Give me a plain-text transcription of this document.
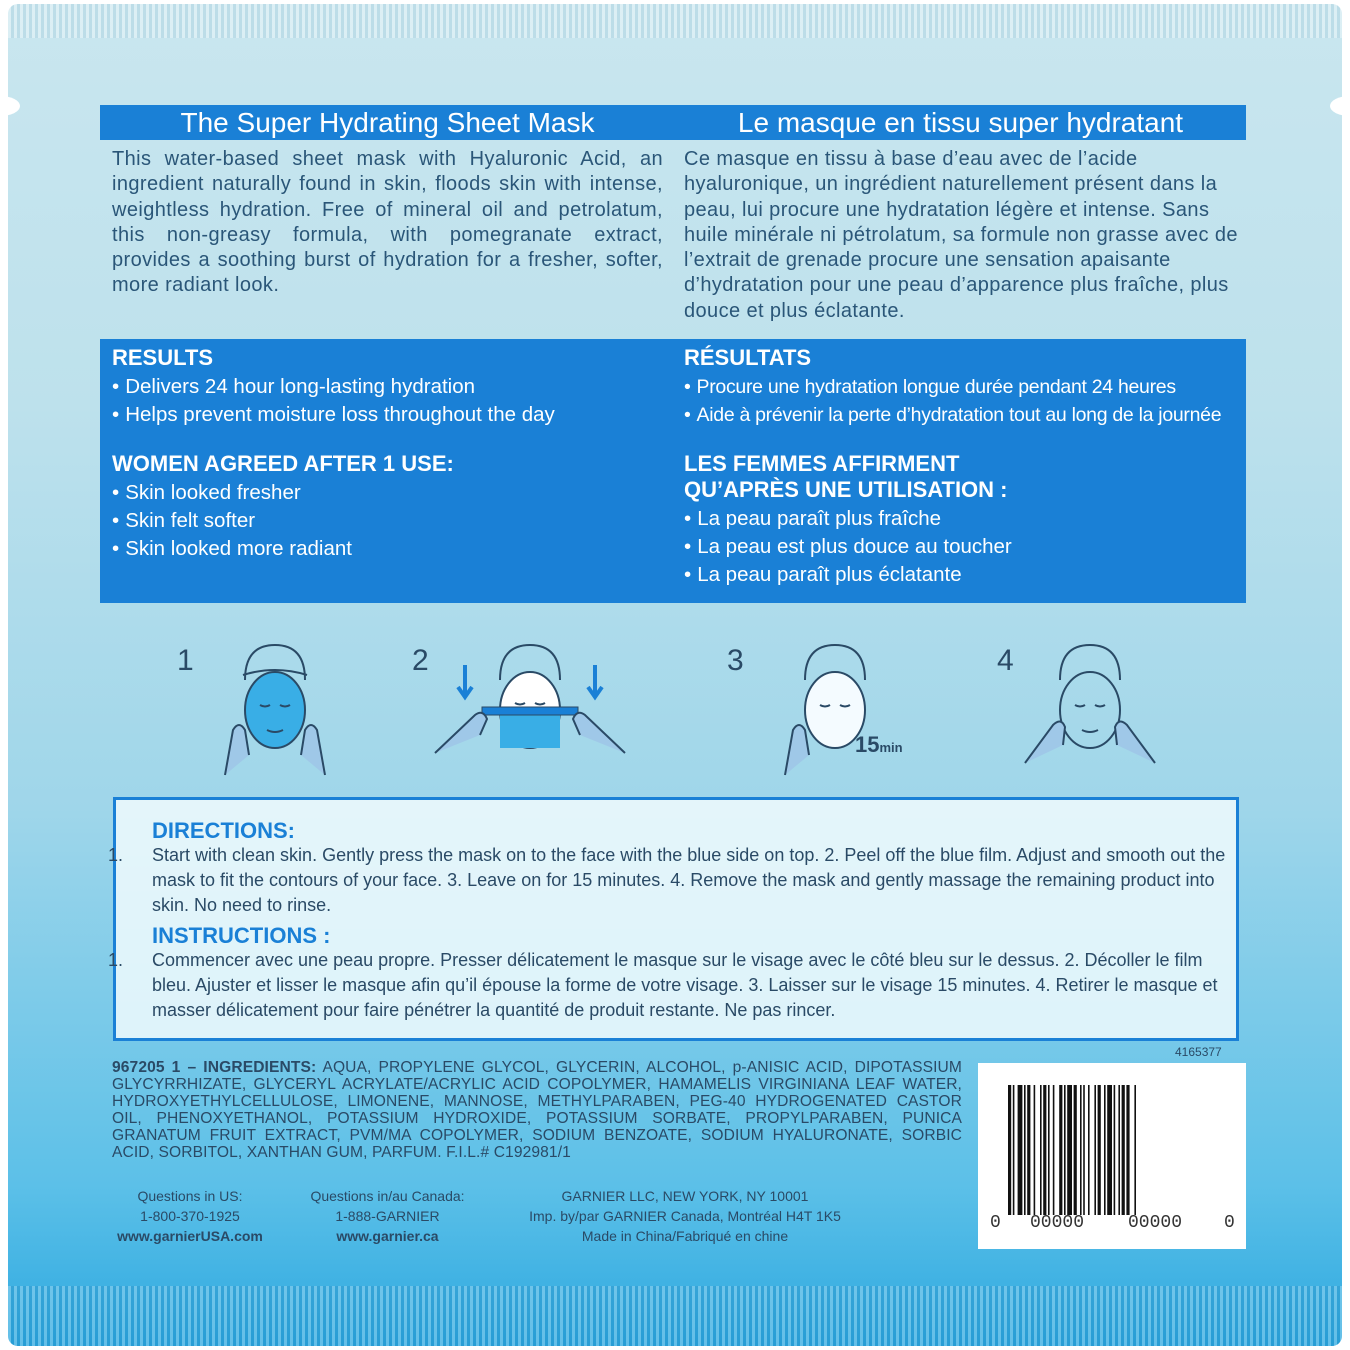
The Super Hydrating Sheet Mask	Le masque en tissu super hydratant
This water-based sheet mask with Hyaluronic Acid, an ingredient naturally found in skin, floods skin with intense, weightless hydration. Free of mineral oil and petrolatum, this non-greasy formula, with pomegranate extract, provides a soothing burst of hydration for a fresher, softer, more radiant look.
Ce masque en tissu à base d’eau avec de l’acide hyaluronique, un ingrédient naturellement présent dans la peau, lui procure une hydratation légère et intense. Sans huile minérale ni pétrolatum, sa formule non grasse avec de l’extrait de grenade procure une sensation apaisante d’hydratation pour une peau d’apparence plus fraîche, plus douce et plus éclatante.

RESULTS

• Delivers 24 hour long-lasting hydration
• Helps prevent moisture loss throughout the day

WOMEN AGREED AFTER 1 USE:

• Skin looked fresher
• Skin felt softer
• Skin looked more radiant

RÉSULTATS

• Procure une hydratation longue durée pendant 24 heures
• Aide à prévenir la perte d’hydratation tout au long de la journée

LES FEMMES AFFIRMENT

QU’APRÈS UNE UTILISATION :

• La peau paraît plus fraîche
• La peau est plus douce au toucher
• La peau paraît plus éclatante
1	2	3
15min
4
DIRECTIONS:

1. Start with clean skin. Gently press the mask on to the face with the blue side on top. 2. Peel off the blue film. Adjust and smooth out the mask to fit the contours of your face. 3. Leave on for 15 minutes. 4. Remove the mask and gently massage the remaining product into skin. No need to rinse.

INSTRUCTIONS :

1. Commencer avec une peau propre. Presser délicatement le masque sur le visage avec le côté bleu sur le dessus. 2. Décoller le film bleu. Ajuster et lisser le masque afin qu’il épouse la forme de votre visage. 3. Laisser sur le visage 15 minutes. 4. Retirer le masque et masser délicatement pour faire pénétrer la quantité de produit restante. Ne pas rincer.

967205 1 – INGREDIENTS: AQUA, PROPYLENE GLYCOL, GLYCERIN, ALCOHOL, p-ANISIC ACID, DIPOTASSIUM GLYCYRRHIZATE, GLYCERYL ACRYLATE/ACRYLIC ACID COPOLYMER, HAMAMELIS VIRGINIANA LEAF WATER, HYDROXYETHYLCELLULOSE, LIMONENE, MANNOSE, METHYLPARABEN, PEG-40 HYDROGENATED CASTOR OIL, PHENOXYETHANOL, POTASSIUM HYDROXIDE, POTASSIUM SORBATE, PROPYLPARABEN, PUNICA GRANATUM FRUIT EXTRACT, PVM/MA COPOLYMER, SODIUM BENZOATE, SODIUM HYALURONATE, SORBIC ACID, SORBITOL, XANTHAN GUM, PARFUM. F.I.L.# C192981/1
4165377
0 00000 00000 0
Questions in US:
1-800-370-1925
www.garnierUSA.com
Questions in/au Canada:
1-888-GARNIER
www.garnier.ca
GARNIER LLC, NEW YORK, NY 10001
Imp. by/par GARNIER Canada, Montréal H4T 1K5
Made in China/Fabriqué en chine
